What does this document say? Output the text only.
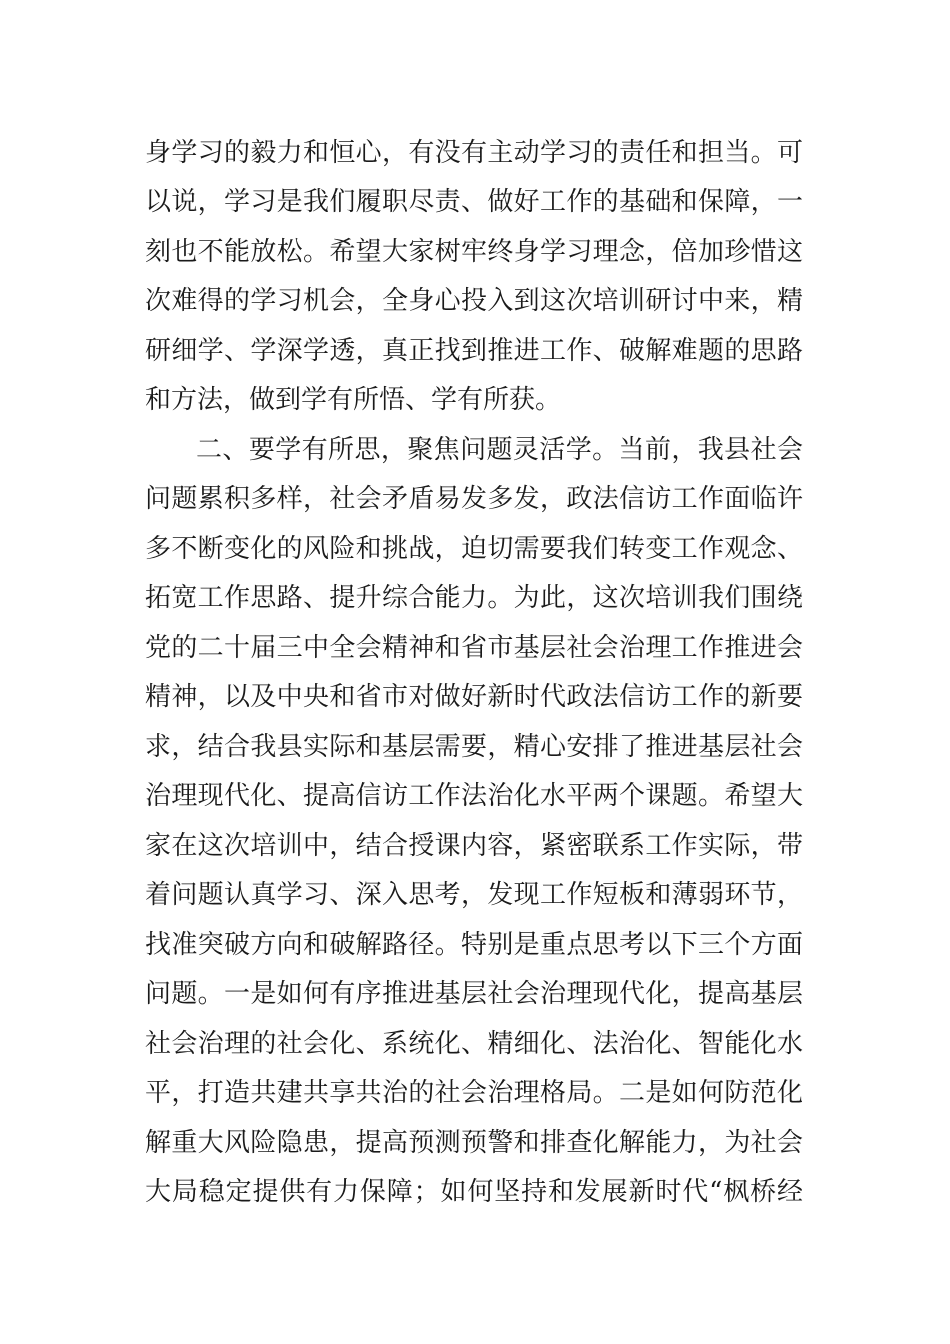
身学习的毅力和恒心，有没有主动学习的责任和担当。可
以说，学习是我们履职尽责、做好工作的基础和保障，一
刻也不能放松。希望大家树牢终身学习理念，倍加珍惜这
次难得的学习机会，全身心投入到这次培训研讨中来，精
研细学、学深学透，真正找到推进工作、破解难题的思路
和方法，做到学有所悟、学有所获。
二、要学有所思，聚焦问题灵活学。当前，我县社会
问题累积多样，社会矛盾易发多发，政法信访工作面临许
多不断变化的风险和挑战，迫切需要我们转变工作观念、
拓宽工作思路、提升综合能力。为此，这次培训我们围绕
党的二十届三中全会精神和省市基层社会治理工作推进会
精神，以及中央和省市对做好新时代政法信访工作的新要
求，结合我县实际和基层需要，精心安排了推进基层社会
治理现代化、提高信访工作法治化水平两个课题。希望大
家在这次培训中，结合授课内容，紧密联系工作实际，带
着问题认真学习、深入思考，发现工作短板和薄弱环节，
找准突破方向和破解路径。特别是重点思考以下三个方面
问题。一是如何有序推进基层社会治理现代化，提高基层
社会治理的社会化、系统化、精细化、法治化、智能化水
平，打造共建共享共治的社会治理格局。二是如何防范化
解重大风险隐患，提高预测预警和排查化解能力，为社会
大局稳定提供有力保障；如何坚持和发展新时代“枫桥经
